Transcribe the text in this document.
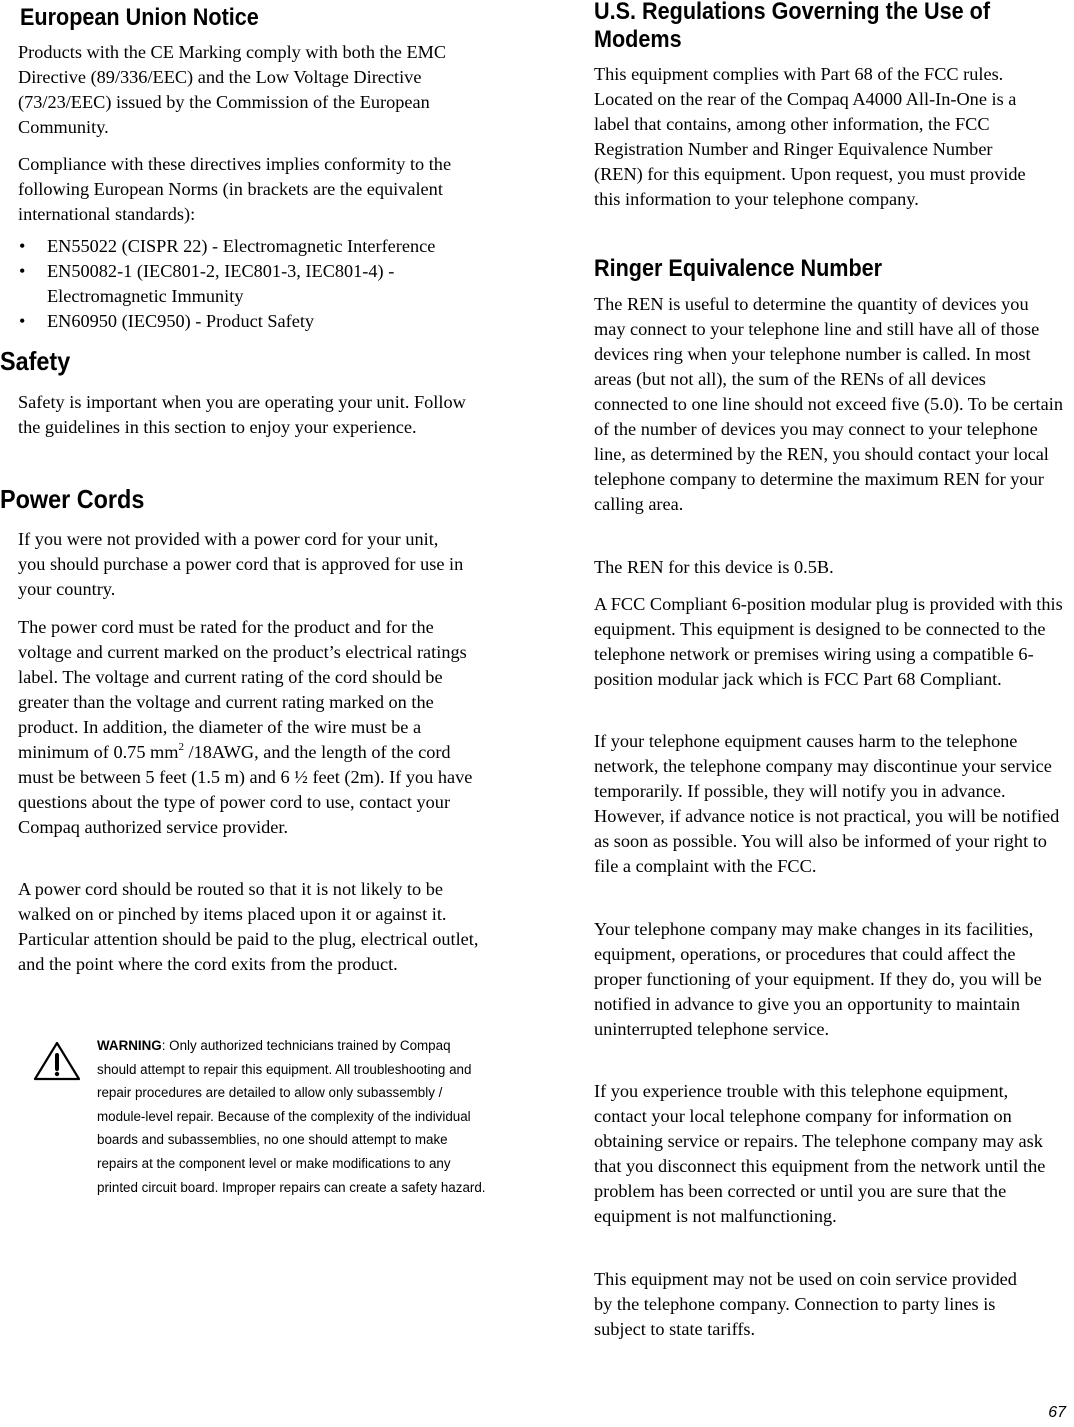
European Union Notice

Products with the CE Marking comply with both the EMC Directive (89/336/EEC) and the Low Voltage Directive (73/23/EEC) issued by the Commission of the European Community.

Compliance with these directives implies conformity to the following European Norms (in brackets are the equivalent international standards):

•	EN55022 (CISPR 22) - Electromagnetic Interference
•	EN50082-1 (IEC801-2, IEC801-3, IEC801-4) - Electromagnetic Immunity
•	EN60950 (IEC950) - Product Safety
Safety

Safety is important when you are operating your unit. Follow the guidelines in this section to enjoy your experience.

Power Cords

If you were not provided with a power cord for your unit, you should purchase a power cord that is approved for use in your country.

The power cord must be rated for the product and for the voltage and current marked on the product’s electrical ratings label. The voltage and current rating of the cord should be greater than the voltage and current rating marked on the product. In addition, the diameter of the wire must be a minimum of 0.75 $mm^2$ /18AWG, and the length of the cord must be between 5 feet (1.5 m) and 6 ½ feet (2m). If you have questions about the type of power cord to use, contact your Compaq authorized service provider.

A power cord should be routed so that it is not likely to be walked on or pinched by items placed upon it or against it. Particular attention should be paid to the plug, electrical outlet, and the point where the cord exits from the product.

WARNING: Only authorized technicians trained by Compaq should attempt to repair this equipment. All troubleshooting and repair procedures are detailed to allow only subassembly / module-level repair. Because of the complexity of the individual boards and subassemblies, no one should attempt to make repairs at the component level or make modifications to any printed circuit board. Improper repairs can create a safety hazard.
U.S. Regulations Governing the Use of Modems

This equipment complies with Part 68 of the FCC rules. Located on the rear of the Compaq A4000 All-In-One is a label that contains, among other information, the FCC Registration Number and Ringer Equivalence Number (REN) for this equipment. Upon request, you must provide this information to your telephone company.

Ringer Equivalence Number

The REN is useful to determine the quantity of devices you may connect to your telephone line and still have all of those devices ring when your telephone number is called. In most areas (but not all), the sum of the RENs of all devices connected to one line should not exceed five (5.0). To be certain of the number of devices you may connect to your telephone line, as determined by the REN, you should contact your local telephone company to determine the maximum REN for your calling area.

The REN for this device is 0.5B.

A FCC Compliant 6-position modular plug is provided with this equipment. This equipment is designed to be connected to the telephone network or premises wiring using a compatible 6-position modular jack which is FCC Part 68 Compliant.

If your telephone equipment causes harm to the telephone network, the telephone company may discontinue your service temporarily. If possible, they will notify you in advance. However, if advance notice is not practical, you will be notified as soon as possible. You will also be informed of your right to file a complaint with the FCC.

Your telephone company may make changes in its facilities, equipment, operations, or procedures that could affect the proper functioning of your equipment. If they do, you will be notified in advance to give you an opportunity to maintain uninterrupted telephone service.

If you experience trouble with this telephone equipment, contact your local telephone company for information on obtaining service or repairs. The telephone company may ask that you disconnect this equipment from the network until the problem has been corrected or until you are sure that the equipment is not malfunctioning.

This equipment may not be used on coin service provided by the telephone company. Connection to party lines is subject to state tariffs.

67
